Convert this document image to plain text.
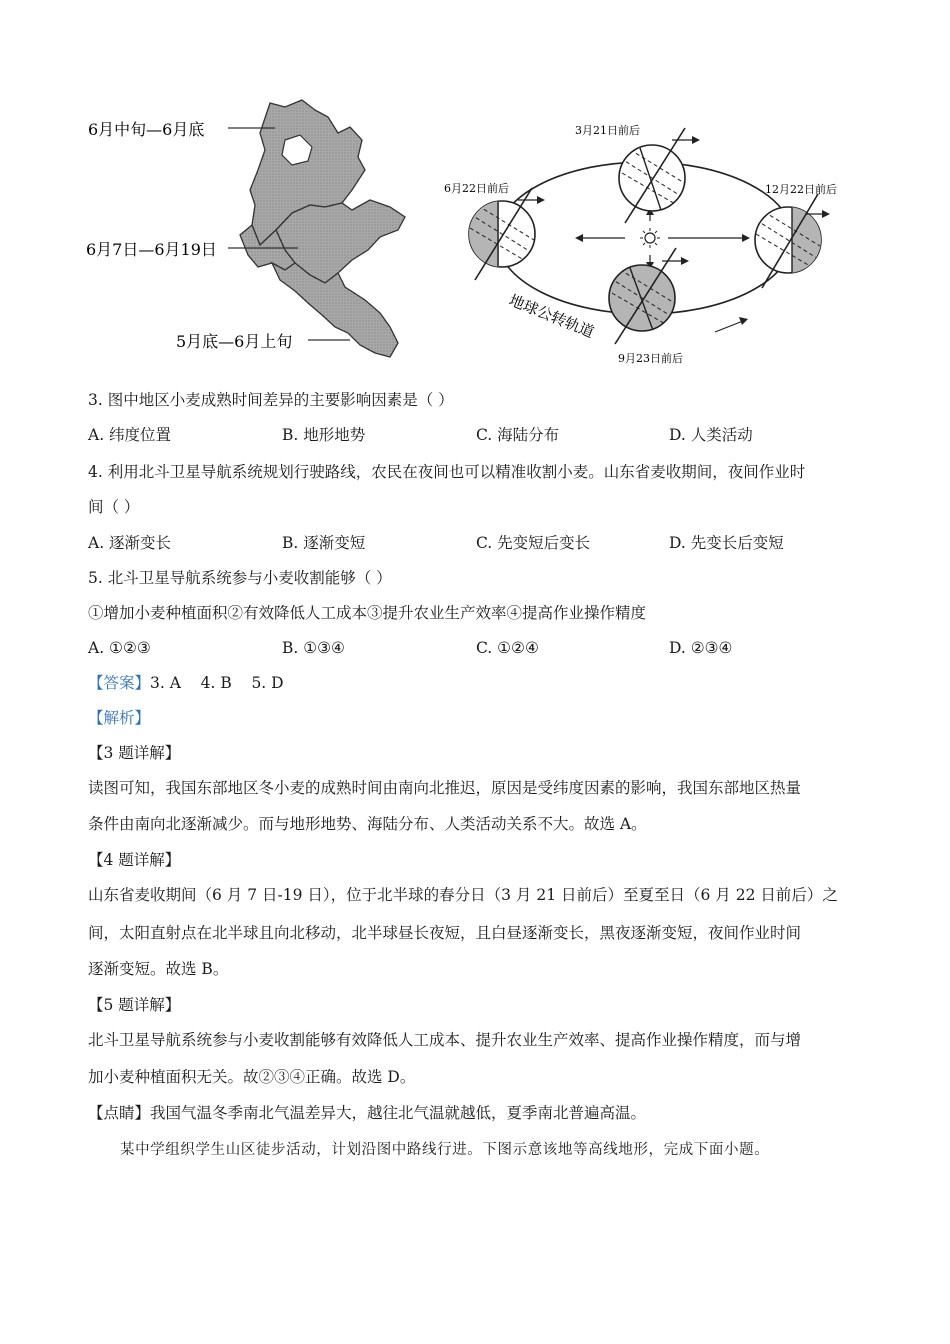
6月中旬—6月底
6月7日—6月19日
5月底—6月上旬
3月21日前后
6月22日前后	12月22日前后
9月23日前后
地球公转轨道
3. 图中地区小麦成熟时间差异的主要影响因素是（ ）
A. 纬度位置	B. 地形地势	C. 海陆分布	D. 人类活动
4. 利用北斗卫星导航系统规划行驶路线，农民在夜间也可以精准收割小麦。山东省麦收期间，夜间作业时
间（ ）
A. 逐渐变长	B. 逐渐变短	C. 先变短后变长	D. 先变长后变短
5. 北斗卫星导航系统参与小麦收割能够（ ）
①增加小麦种植面积②有效降低人工成本③提升农业生产效率④提高作业操作精度
A. ①②③	B. ①③④	C. ①②④	D. ②③④
【答案】3. A    4. B    5. D
【解析】
【3 题详解】
读图可知，我国东部地区冬小麦的成熟时间由南向北推迟，原因是受纬度因素的影响，我国东部地区热量
条件由南向北逐渐减少。而与地形地势、海陆分布、人类活动关系不大。故选 A。
【4 题详解】
山东省麦收期间（6 月 7 日-19 日），位于北半球的春分日（3 月 21 日前后）至夏至日（6 月 22 日前后）之
间，太阳直射点在北半球且向北移动，北半球昼长夜短，且白昼逐渐变长，黑夜逐渐变短，夜间作业时间
逐渐变短。故选 B。
【5 题详解】
北斗卫星导航系统参与小麦收割能够有效降低人工成本、提升农业生产效率、提高作业操作精度，而与增
加小麦种植面积无关。故②③④正确。故选 D。
【点睛】我国气温冬季南北气温差异大，越往北气温就越低，夏季南北普遍高温。
某中学组织学生山区徒步活动，计划沿图中路线行进。下图示意该地等高线地形，完成下面小题。
